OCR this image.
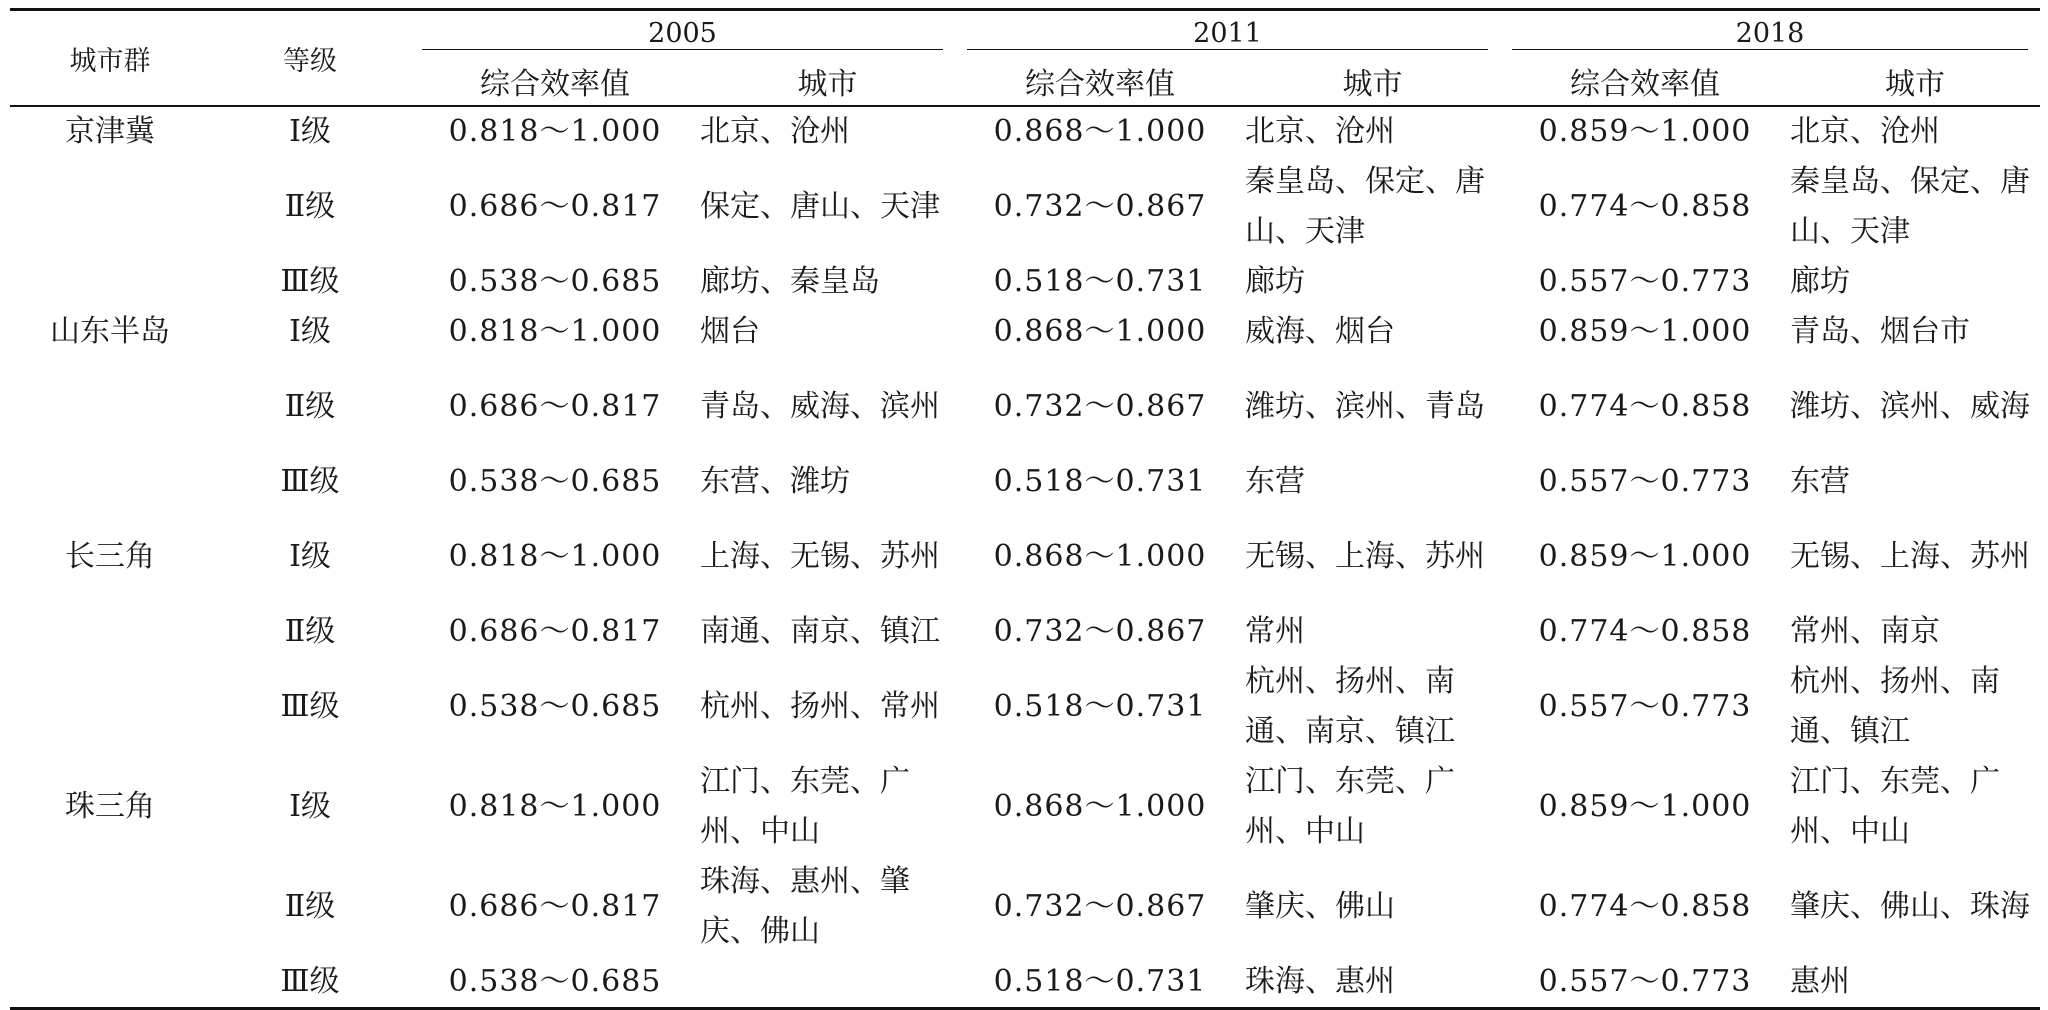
城市群	等级	2005		2011		2018	

		综合效率值	城市	综合效率值	城市	综合效率值	城市
京津冀	Ⅰ级	0.818～1.000	北京、沧州	0.868～1.000	北京、沧州	0.859～1.000	北京、沧州
	Ⅱ级	0.686～0.817	保定、唐山、天津	0.732～0.867	秦皇岛、保定、唐山、天津	0.774～0.858	秦皇岛、保定、唐山、天津
	Ⅲ级	0.538～0.685	廊坊、秦皇岛	0.518～0.731	廊坊	0.557～0.773	廊坊
山东半岛	Ⅰ级	0.818～1.000	烟台	0.868～1.000	威海、烟台	0.859～1.000	青岛、烟台市
	Ⅱ级	0.686～0.817	青岛、威海、滨州	0.732～0.867	潍坊、滨州、青岛	0.774～0.858	潍坊、滨州、威海
	Ⅲ级	0.538～0.685	东营、潍坊	0.518～0.731	东营	0.557～0.773	东营
长三角	Ⅰ级	0.818～1.000	上海、无锡、苏州	0.868～1.000	无锡、上海、苏州	0.859～1.000	无锡、上海、苏州
	Ⅱ级	0.686～0.817	南通、南京、镇江	0.732～0.867	常州	0.774～0.858	常州、南京
	Ⅲ级	0.538～0.685	杭州、扬州、常州	0.518～0.731	杭州、扬州、南通、南京、镇江	0.557～0.773	杭州、扬州、南通、镇江
珠三角	Ⅰ级	0.818～1.000	江门、东莞、广州、中山	0.868～1.000	江门、东莞、广州、中山	0.859～1.000	江门、东莞、广州、中山
	Ⅱ级	0.686～0.817	珠海、惠州、肇庆、佛山	0.732～0.867	肇庆、佛山	0.774～0.858	肇庆、佛山、珠海
	Ⅲ级	0.538～0.685		0.518～0.731	珠海、惠州	0.557～0.773	惠州
